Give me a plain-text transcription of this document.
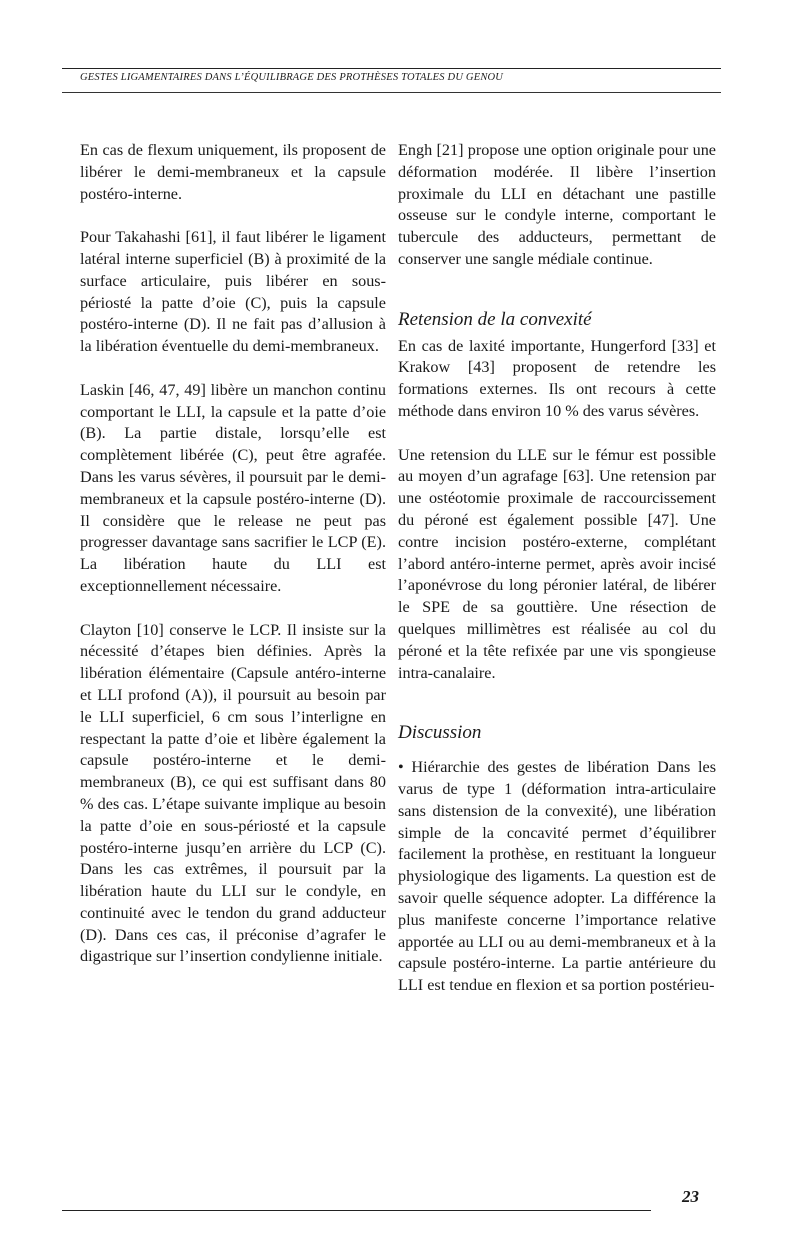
GESTES LIGAMENTAIRES DANS L’ÉQUILIBRAGE DES PROTHÈSES TOTALES DU GENOU

En cas de flexum uniquement, ils proposent de libérer le demi-membraneux et la capsule postéro-interne.

Pour Takahashi [61], il faut libérer le ligament latéral interne superficiel (B) à proximité de la surface articulaire, puis libérer en sous-périosté la patte d’oie (C), puis la capsule postéro-interne (D). Il ne fait pas d’allusion à la libération éventuelle du demi-membraneux.

Laskin [46, 47, 49] libère un manchon continu comportant le LLI, la capsule et la patte d’oie (B). La partie distale, lorsqu’elle est complètement libérée (C), peut être agrafée. Dans les varus sévères, il poursuit par le demi-membraneux et la capsule postéro-interne (D). Il considère que le release ne peut pas progresser davantage sans sacrifier le LCP (E). La libération haute du LLI est exceptionnellement nécessaire.

Clayton [10] conserve le LCP. Il insiste sur la nécessité d’étapes bien définies. Après la libération élémentaire (Capsule antéro-interne et LLI profond (A)), il poursuit au besoin par le LLI superficiel, 6 cm sous l’interligne en respectant la patte d’oie et libère également la capsule postéro-interne et le demi-membraneux (B), ce qui est suffisant dans 80 % des cas. L’étape suivante implique au besoin la patte d’oie en sous-périosté et la capsule postéro-interne jusqu’en arrière du LCP (C). Dans les cas extrêmes, il poursuit par la libération haute du LLI sur le condyle, en continuité avec le tendon du grand adducteur (D). Dans ces cas, il préconise d’agrafer le digastrique sur l’insertion condylienne initiale.

Engh [21] propose une option originale pour une déformation modérée. Il libère l’insertion proximale du LLI en détachant une pastille osseuse sur le condyle interne, comportant le tubercule des adducteurs, permettant de conserver une sangle médiale continue.

Retension de la convexité

En cas de laxité importante, Hungerford [33] et Krakow [43] proposent de retendre les formations externes. Ils ont recours à cette méthode dans environ 10 % des varus sévères.

Une retension du LLE sur le fémur est possible au moyen d’un agrafage [63]. Une retension par une ostéotomie proximale de raccourcissement du péroné est également possible [47]. Une contre incision postéro-externe, complétant l’abord antéro-interne permet, après avoir incisé l’aponévrose du long péronier latéral, de libérer le SPE de sa gouttière. Une résection de quelques millimètres est réalisée au col du péroné et la tête refixée par une vis spongieuse intra-canalaire.

Discussion

• Hiérarchie des gestes de libération Dans les varus de type 1 (déformation intra-articulaire sans distension de la convexité), une libération simple de la concavité permet d’équilibrer facilement la prothèse, en restituant la longueur physiologique des ligaments. La question est de savoir quelle séquence adopter. La différence la plus manifeste concerne l’importance relative apportée au LLI ou au demi-membraneux et à la capsule postéro-interne. La partie antérieure du LLI est tendue en flexion et sa portion postérieu-

23
